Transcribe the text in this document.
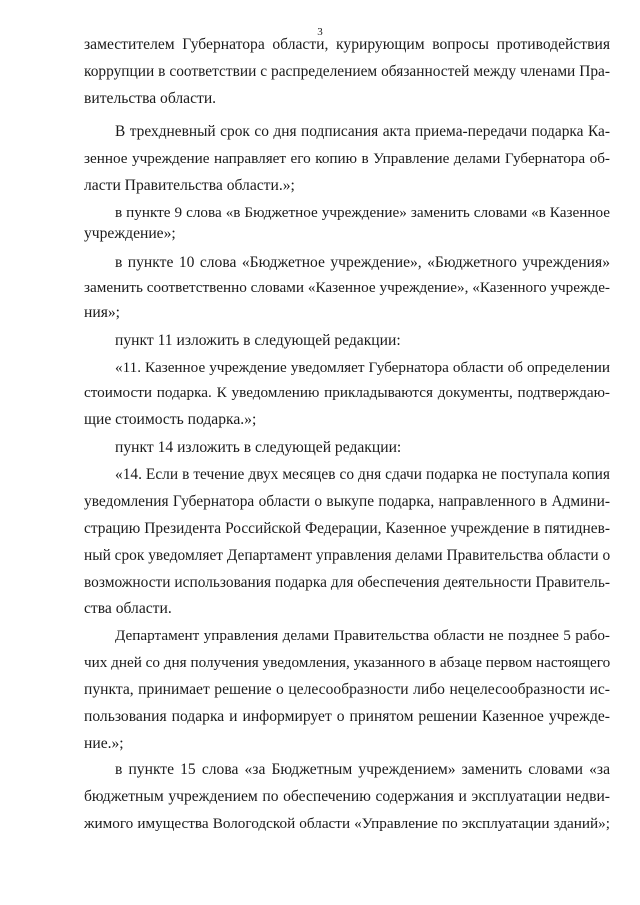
3
заместителем Губернатора области, курирующим вопросы противодействия
коррупции в соответствии с распределением обязанностей между членами Пра-
вительства области.
В трехдневный срок со дня подписания акта приема-передачи подарка Ка-
зенное учреждение направляет его копию в Управление делами Губернатора об-
ласти Правительства области.»;
в пункте 9 слова «в Бюджетное учреждение» заменить словами «в Казенное
учреждение»;
в пункте 10 слова «Бюджетное учреждение», «Бюджетного учреждения»
заменить соответственно словами «Казенное учреждение», «Казенного учрежде-
ния»;
пункт 11 изложить в следующей редакции:
«11. Казенное учреждение уведомляет Губернатора области об определении
стоимости подарка. К уведомлению прикладываются документы, подтверждаю-
щие стоимость подарка.»;
пункт 14 изложить в следующей редакции:
«14. Если в течение двух месяцев со дня сдачи подарка не поступала копия
уведомления Губернатора области о выкупе подарка, направленного в Админи-
страцию Президента Российской Федерации, Казенное учреждение в пятиднев-
ный срок уведомляет Департамент управления делами Правительства области о
возможности использования подарка для обеспечения деятельности Правитель-
ства области.
Департамент управления делами Правительства области не позднее 5 рабо-
чих дней со дня получения уведомления, указанного в абзаце первом настоящего
пункта, принимает решение о целесообразности либо нецелесообразности ис-
пользования подарка и информирует о принятом решении Казенное учрежде-
ние.»;
в пункте 15 слова «за Бюджетным учреждением» заменить словами «за
бюджетным учреждением по обеспечению содержания и эксплуатации недви-
жимого имущества Вологодской области «Управление по эксплуатации зданий»;
